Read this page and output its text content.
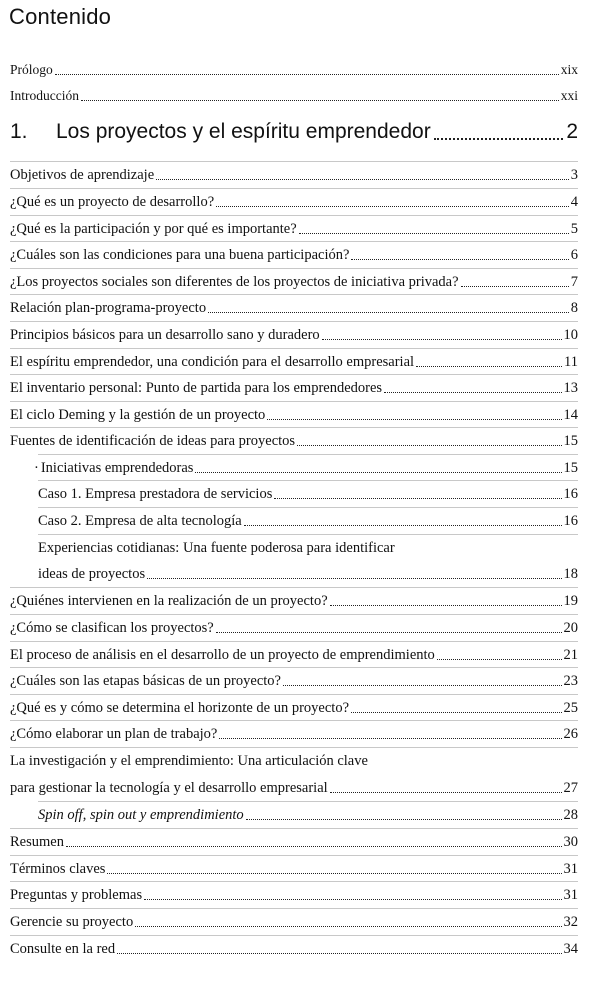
Contenido
Prólogo	xix
Introducción	xxi
1.	Los proyectos y el espíritu emprendedor	2
Objetivos de aprendizaje	3
¿Qué es un proyecto de desarrollo?	4
¿Qué es la participación y por qué es importante?	5
¿Cuáles son las condiciones para una buena participación?	6
¿Los proyectos sociales son diferentes de los proyectos de iniciativa privada?	7
Relación plan-programa-proyecto	8
Principios básicos para un desarrollo sano y duradero	10
El espíritu emprendedor, una condición para el desarrollo empresarial	11
El inventario personal: Punto de partida para los emprendedores	13
El ciclo Deming y la gestión de un proyecto	14
Fuentes de identificación de ideas para proyectos	15
· Iniciativas emprendedoras	15
Caso 1. Empresa prestadora de servicios	16
Caso 2. Empresa de alta tecnología	16
Experiencias cotidianas: Una fuente poderosa para identificar
ideas de proyectos	18
¿Quiénes intervienen en la realización de un proyecto?	19
¿Cómo se clasifican los proyectos?	20
El proceso de análisis en el desarrollo de un proyecto de emprendimiento	21
¿Cuáles son las etapas básicas de un proyecto?	23
¿Qué es y cómo se determina el horizonte de un proyecto?	25
¿Cómo elaborar un plan de trabajo?	26
La investigación y el emprendimiento: Una articulación clave
para gestionar la tecnología y el desarrollo empresarial	27
Spin off, spin out y emprendimiento	28
Resumen	30
Términos claves	31
Preguntas y problemas	31
Gerencie su proyecto	32
Consulte en la red	34
